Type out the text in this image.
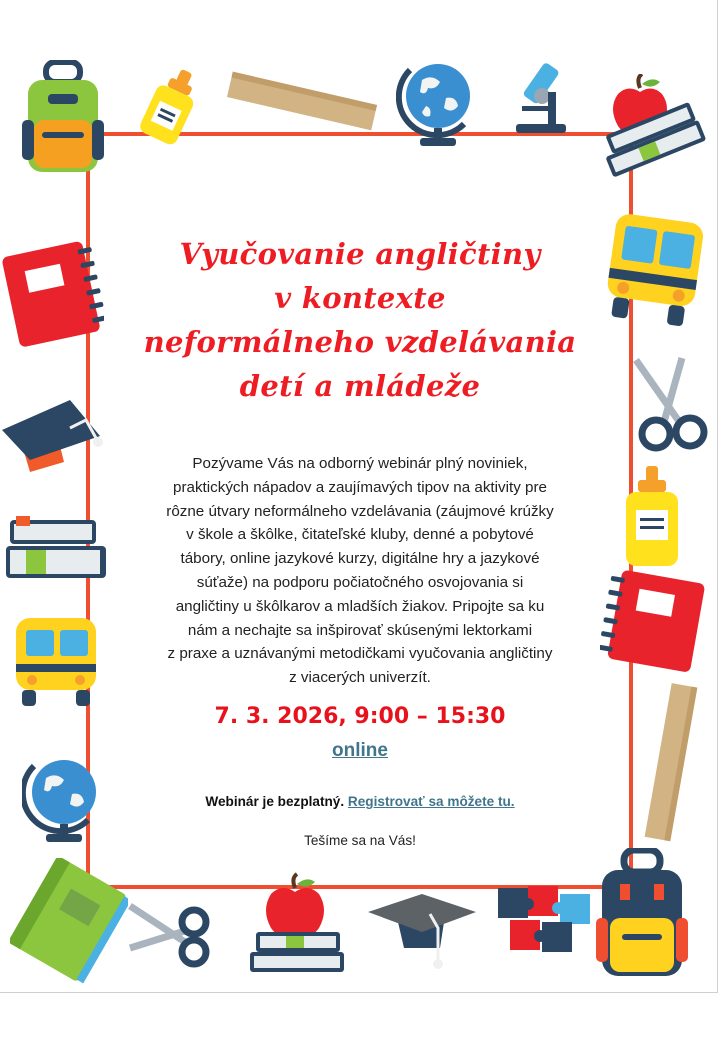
Vyučovanie angličtiny
v kontexte
neformálneho vzdelávania
detí a mládeže
Pozývame Vás na odborný webinár plný noviniek,
praktických nápadov a zaujímavých tipov na aktivity pre
rôzne útvary neformálneho vzdelávania (záujmové krúžky
v škole a škôlke, čitateľské kluby, denné a pobytové
tábory, online jazykové kurzy, digitálne hry a jazykové
súťaže) na podporu počiatočného osvojovania si
angličtiny u škôlkarov a mladších žiakov. Pripojte sa ku
nám a nechajte sa inšpirovať skúsenými lektorkami
z praxe a uznávanými metodičkami vyučovania angličtiny
z viacerých univerzít.
7. 3. 2026, 9:00 – 15:30
online
Webinár je bezplatný. Registrovať sa môžete tu.
Tešíme sa na Vás!
